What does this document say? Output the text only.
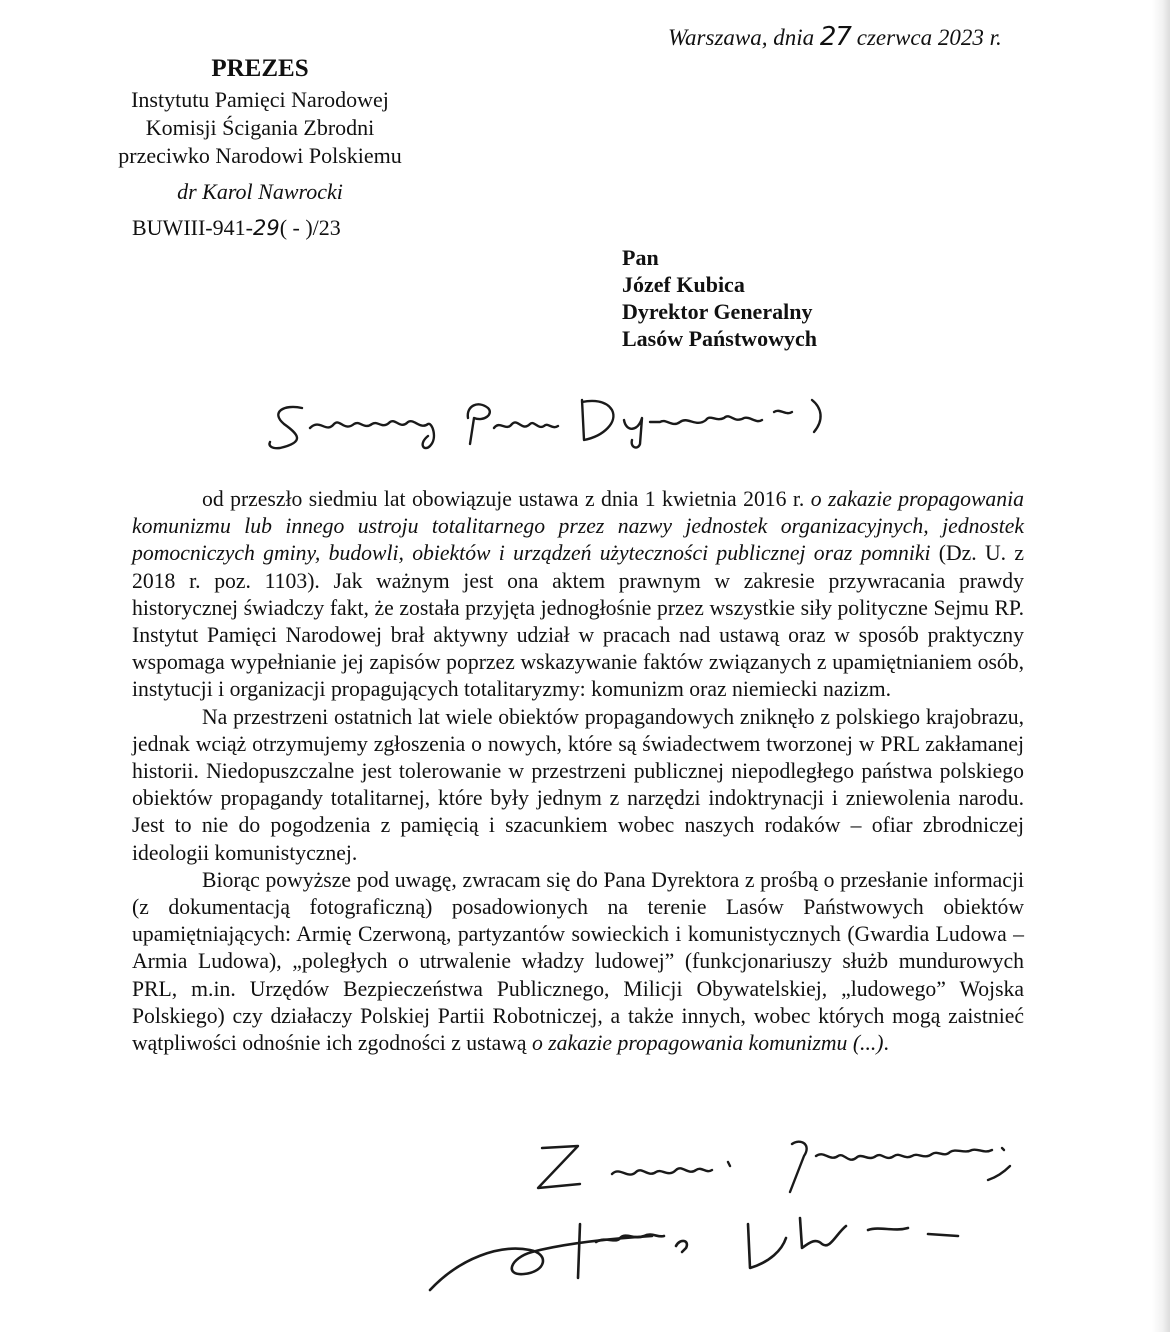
Warszawa, dnia 27 czerwca 2023 r.
PREZES
Instytutu Pamięci Narodowej
Komisji Ścigania Zbrodni
przeciwko Narodowi Polskiemu
dr Karol Nawrocki
BUWIII-941-29( - )/23
Pan
Józef Kubica
Dyrektor Generalny
Lasów Państwowych

od przeszło siedmiu lat obowiązuje ustawa z dnia 1 kwietnia 2016 r. o zakazie propagowania komunizmu lub innego ustroju totalitarnego przez nazwy jednostek organizacyjnych, jednostek pomocniczych gminy, budowli, obiektów i urządzeń użyteczności publicznej oraz pomniki (Dz. U. z 2018 r. poz. 1103). Jak ważnym jest ona aktem prawnym w zakresie przywracania prawdy historycznej świadczy fakt, że została przyjęta jednogłośnie przez wszystkie siły polityczne Sejmu RP. Instytut Pamięci Narodowej brał aktywny udział w pracach nad ustawą oraz w sposób praktyczny wspomaga wypełnianie jej zapisów poprzez wskazywanie faktów związanych z upamiętnianiem osób, instytucji i organizacji propagujących totalitaryzmy: komunizm oraz niemiecki nazizm.

Na przestrzeni ostatnich lat wiele obiektów propagandowych zniknęło z polskiego krajobrazu, jednak wciąż otrzymujemy zgłoszenia o nowych, które są świadectwem tworzonej w PRL zakłamanej historii. Niedopuszczalne jest tolerowanie w przestrzeni publicznej niepodległego państwa polskiego obiektów propagandy totalitarnej, które były jednym z narzędzi indoktrynacji i zniewolenia narodu. Jest to nie do pogodzenia z pamięcią i szacunkiem wobec naszych rodaków – ofiar zbrodniczej ideologii komunistycznej.

Biorąc powyższe pod uwagę, zwracam się do Pana Dyrektora z prośbą o przesłanie informacji (z dokumentacją fotograficzną) posadowionych na terenie Lasów Państwowych obiektów upamiętniających: Armię Czerwoną, partyzantów sowieckich i komunistycznych (Gwardia Ludowa – Armia Ludowa), „poległych o utrwalenie władzy ludowej” (funkcjonariuszy służb mundurowych PRL, m.in. Urzędów Bezpieczeństwa Publicznego, Milicji Obywatelskiej, „ludowego” Wojska Polskiego) czy działaczy Polskiej Partii Robotniczej, a także innych, wobec których mogą zaistnieć wątpliwości odnośnie ich zgodności z ustawą o zakazie propagowania komunizmu (...).
